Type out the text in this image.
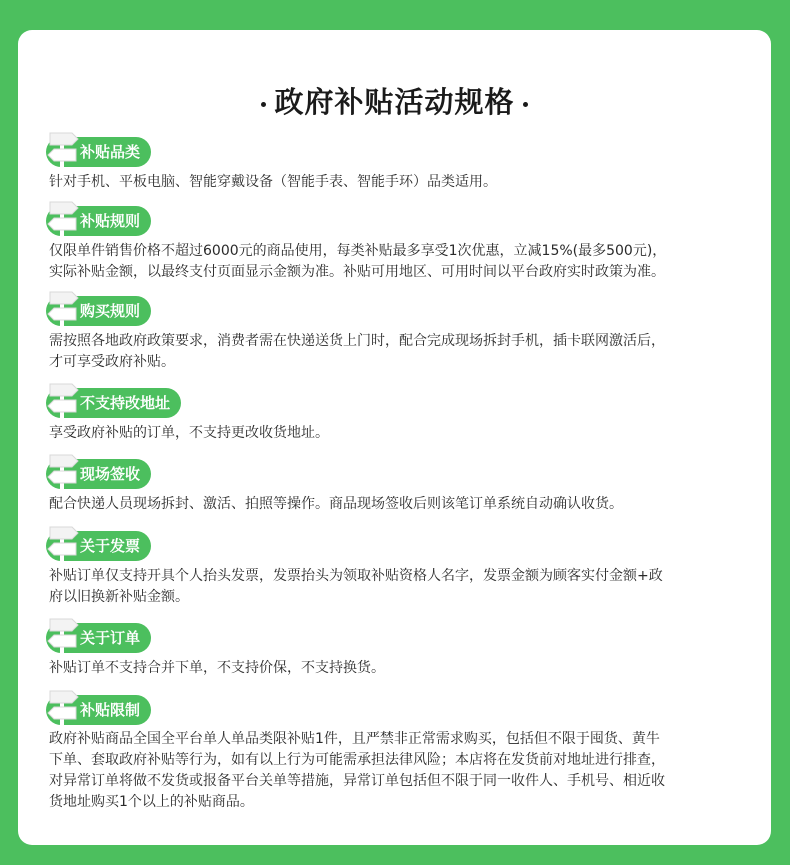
政府补贴活动规格
补贴品类
针对手机、平板电脑、智能穿戴设备（智能手表、智能手环）品类适用。
补贴规则
仅限单件销售价格不超过6000元的商品使用，每类补贴最多享受1次优惠，立减15%(最多500元)，
实际补贴金额，以最终支付页面显示金额为准。补贴可用地区、可用时间以平台政府实时政策为准。
购买规则
需按照各地政府政策要求，消费者需在快递送货上门时，配合完成现场拆封手机，插卡联网激活后，
才可享受政府补贴。
不支持改地址
享受政府补贴的订单，不支持更改收货地址。
现场签收
配合快递人员现场拆封、激活、拍照等操作。商品现场签收后则该笔订单系统自动确认收货。
关于发票
补贴订单仅支持开具个人抬头发票，发票抬头为领取补贴资格人名字，发票金额为顾客实付金额+政
府以旧换新补贴金额。
关于订单
补贴订单不支持合并下单，不支持价保，不支持换货。
补贴限制
政府补贴商品全国全平台单人单品类限补贴1件，且严禁非正常需求购买，包括但不限于囤货、黄牛
下单、套取政府补贴等行为，如有以上行为可能需承担法律风险；本店将在发货前对地址进行排查，
对异常订单将做不发货或报备平台关单等措施，异常订单包括但不限于同一收件人、手机号、相近收
货地址购买1个以上的补贴商品。
